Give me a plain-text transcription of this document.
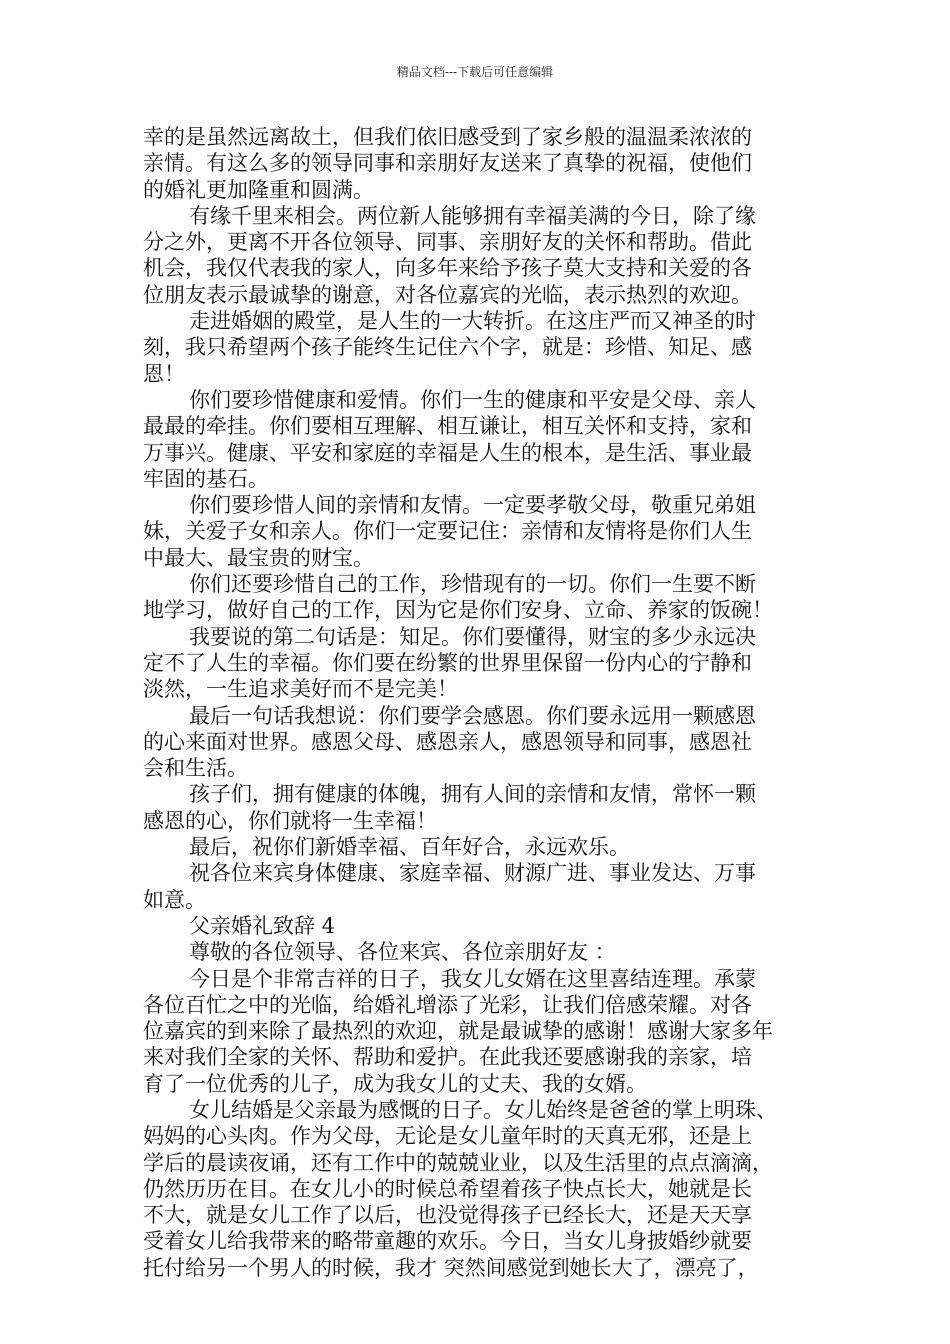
精品文档---下载后可任意编辑
幸的是虽然远离故土，但我们依旧感受到了家乡般的温温柔浓浓的
亲情。有这么多的领导同事和亲朋好友送来了真挚的祝福，使他们
的婚礼更加隆重和圆满。
有缘千里来相会。两位新人能够拥有幸福美满的今日，除了缘
分之外，更离不开各位领导、同事、亲朋好友的关怀和帮助。借此
机会，我仅代表我的家人，向多年来给予孩子莫大支持和关爱的各
位朋友表示最诚挚的谢意，对各位嘉宾的光临，表示热烈的欢迎。
走进婚姻的殿堂，是人生的一大转折。在这庄严而又神圣的时
刻，我只希望两个孩子能终生记住六个字，就是：珍惜、知足、感
恩！
你们要珍惜健康和爱情。你们一生的健康和平安是父母、亲人
最最的牵挂。你们要相互理解、相互谦让，相互关怀和支持，家和
万事兴。健康、平安和家庭的幸福是人生的根本，是生活、事业最
牢固的基石。
你们要珍惜人间的亲情和友情。一定要孝敬父母，敬重兄弟姐
妹，关爱子女和亲人。你们一定要记住：亲情和友情将是你们人生
中最大、最宝贵的财宝。
你们还要珍惜自己的工作，珍惜现有的一切。你们一生要不断
地学习，做好自己的工作，因为它是你们安身、立命、养家的饭碗！
我要说的第二句话是：知足。你们要懂得，财宝的多少永远决
定不了人生的幸福。你们要在纷繁的世界里保留一份内心的宁静和
淡然，一生追求美好而不是完美！
最后一句话我想说：你们要学会感恩。你们要永远用一颗感恩
的心来面对世界。感恩父母、感恩亲人，感恩领导和同事，感恩社
会和生活。
孩子们，拥有健康的体魄，拥有人间的亲情和友情，常怀一颗
感恩的心，你们就将一生幸福！
最后，祝你们新婚幸福、百年好合，永远欢乐。
祝各位来宾身体健康、家庭幸福、财源广进、事业发达、万事
如意。
父亲婚礼致辞 4
尊敬的各位领导、各位来宾、各位亲朋好友 ：
今日是个非常吉祥的日子，我女儿女婿在这里喜结连理。承蒙
各位百忙之中的光临，给婚礼增添了光彩，让我们倍感荣耀。对各
位嘉宾的到来除了最热烈的欢迎，就是最诚挚的感谢！感谢大家多年
来对我们全家的关怀、帮助和爱护。在此我还要感谢我的亲家，培
育了一位优秀的儿子，成为我女儿的丈夫、我的女婿。
女儿结婚是父亲最为感慨的日子。女儿始终是爸爸的掌上明珠、
妈妈的心头肉。作为父母，无论是女儿童年时的天真无邪，还是上
学后的晨读夜诵，还有工作中的兢兢业业，以及生活里的点点滴滴，
仍然历历在目。在女儿小的时候总希望着孩子快点长大，她就是长
不大，就是女儿工作了以后，也没觉得孩子已经长大，还是天天享
受着女儿给我带来的略带童趣的欢乐。今日，当女儿身披婚纱就要
托付给另一个男人的时候，我才 突然间感觉到她长大了，漂亮了，
